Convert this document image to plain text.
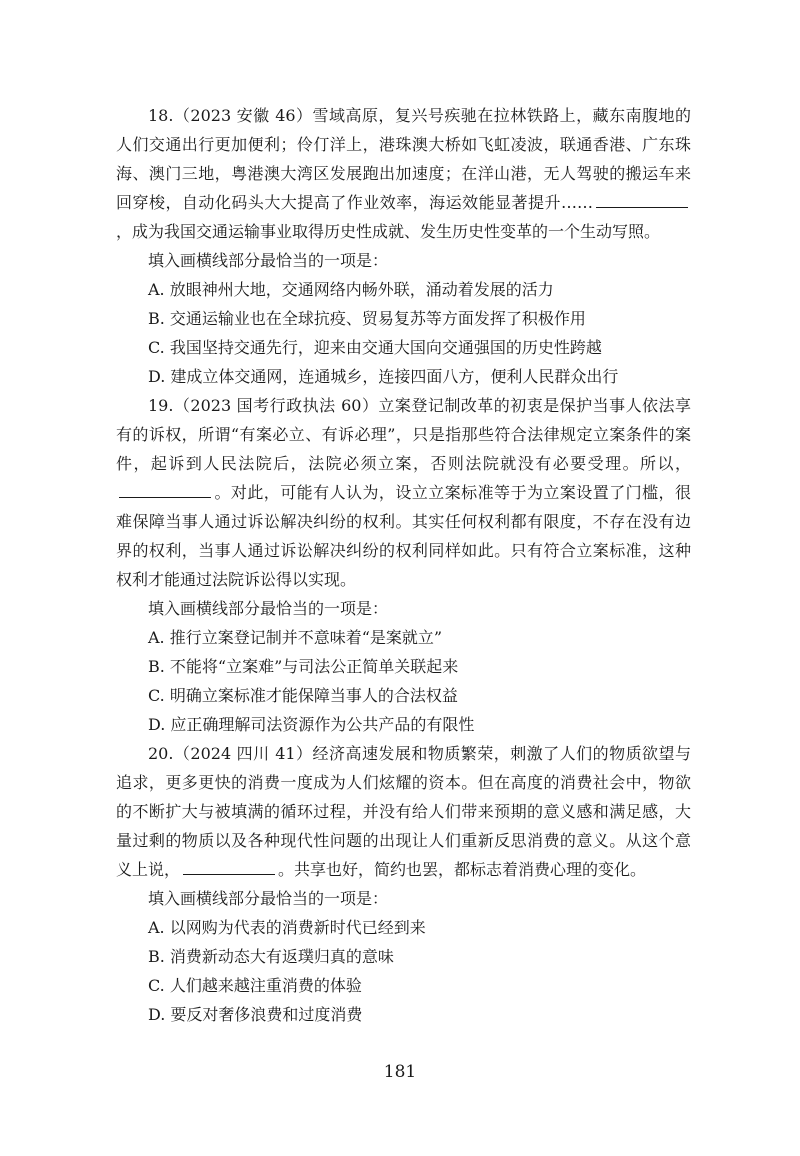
18.（2023 安徽 46）雪域高原，复兴号疾驰在拉林铁路上，藏东南腹地的人们交通出行更加便利；伶仃洋上，港珠澳大桥如飞虹凌波，联通香港、广东珠海、澳门三地，粤港澳大湾区发展跑出加速度；在洋山港，无人驾驶的搬运车来回穿梭，自动化码头大大提高了作业效率，海运效能显著提升……，成为我国交通运输事业取得历史性成就、发生历史性变革的一个生动写照。

填入画横线部分最恰当的一项是：

A. 放眼神州大地，交通网络内畅外联，涌动着发展的活力

B. 交通运输业也在全球抗疫、贸易复苏等方面发挥了积极作用

C. 我国坚持交通先行，迎来由交通大国向交通强国的历史性跨越

D. 建成立体交通网，连通城乡，连接四面八方，便利人民群众出行

19.（2023 国考行政执法 60）立案登记制改革的初衷是保护当事人依法享有的诉权，所谓“有案必立、有诉必理”，只是指那些符合法律规定立案条件的案件，起诉到人民法院后，法院必须立案，否则法院就没有必要受理。所以，。对此，可能有人认为，设立立案标准等于为立案设置了门槛，很难保障当事人通过诉讼解决纠纷的权利。其实任何权利都有限度，不存在没有边界的权利，当事人通过诉讼解决纠纷的权利同样如此。只有符合立案标准，这种权利才能通过法院诉讼得以实现。

填入画横线部分最恰当的一项是：

A. 推行立案登记制并不意味着“是案就立”

B. 不能将“立案难”与司法公正简单关联起来

C. 明确立案标准才能保障当事人的合法权益

D. 应正确理解司法资源作为公共产品的有限性

20.（2024 四川 41）经济高速发展和物质繁荣，刺激了人们的物质欲望与追求，更多更快的消费一度成为人们炫耀的资本。但在高度的消费社会中，物欲的不断扩大与被填满的循环过程，并没有给人们带来预期的意义感和满足感，大量过剩的物质以及各种现代性问题的出现让人们重新反思消费的意义。从这个意义上说，	。共享也好，简约也罢，都标志着消费心理的变化。

填入画横线部分最恰当的一项是：

A. 以网购为代表的消费新时代已经到来

B. 消费新动态大有返璞归真的意味

C. 人们越来越注重消费的体验

D. 要反对奢侈浪费和过度消费

181
